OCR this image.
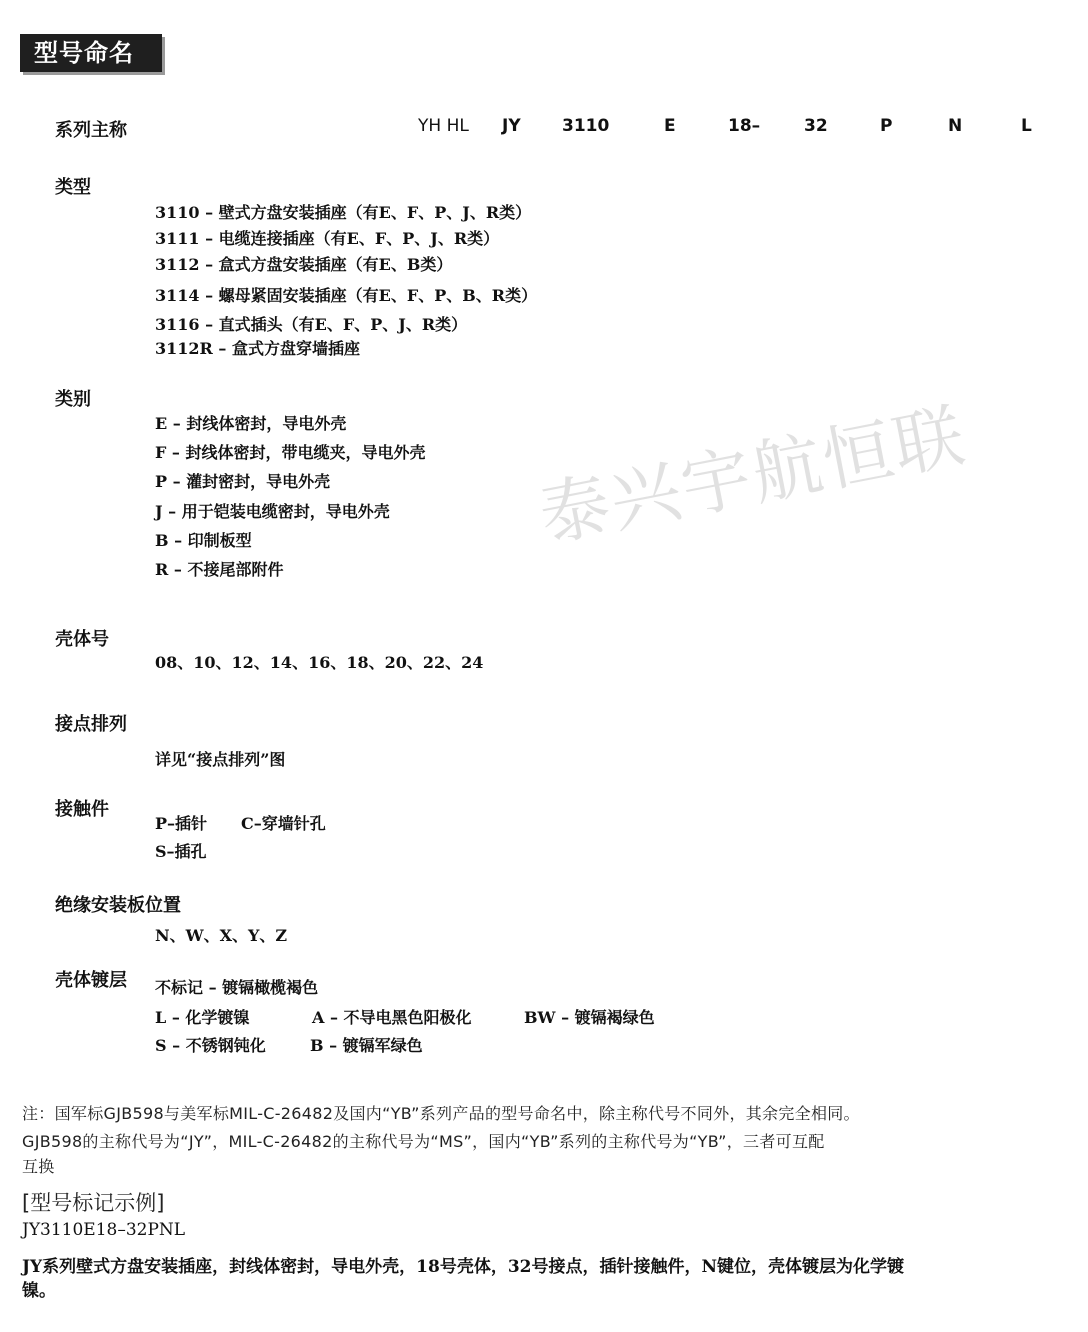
型号命名
系列主称	YH HL JY 3110	E	18–	32	P	N	L
类型
3110 – 壁式方盘安装插座（有E、F、P、J、R类）
3111 – 电缆连接插座（有E、F、P、J、R类）
3112 – 盒式方盘安装插座（有E、B类）
3114 – 螺母紧固安装插座（有E、F、P、B、R类）
3116 – 直式插头（有E、F、P、J、R类）
3112R – 盒式方盘穿墙插座
类别
E – 封线体密封，导电外壳
F – 封线体密封，带电缆夹，导电外壳
P – 灌封密封，导电外壳
J – 用于铠装电缆密封，导电外壳
B – 印制板型
R – 不接尾部附件
泰兴宇航恒联
壳体号
08、10、12、14、16、18、20、22、24
接点排列
详见“接点排列”图
接触件
P–插针 C–穿墙针孔
S–插孔
绝缘安装板位置
N、W、X、Y、Z
壳体镀层 不标记 – 镀镉橄榄褐色
L – 化学镀镍	A – 不导电黑色阳极化	BW – 镀镉褐绿色
S – 不锈钢钝化	B – 镀镉军绿色
注：国军标GJB598与美军标MIL-C-26482及国内“YB”系列产品的型号命名中，除主称代号不同外，其余完全相同。
GJB598的主称代号为“JY”，MIL-C-26482的主称代号为“MS”，国内“YB”系列的主称代号为“YB”，三者可互配
互换
[型号标记示例]
JY3110E18–32PNL
JY系列壁式方盘安装插座，封线体密封，导电外壳，18号壳体，32号接点，插针接触件，N键位，壳体镀层为化学镀
镍。
